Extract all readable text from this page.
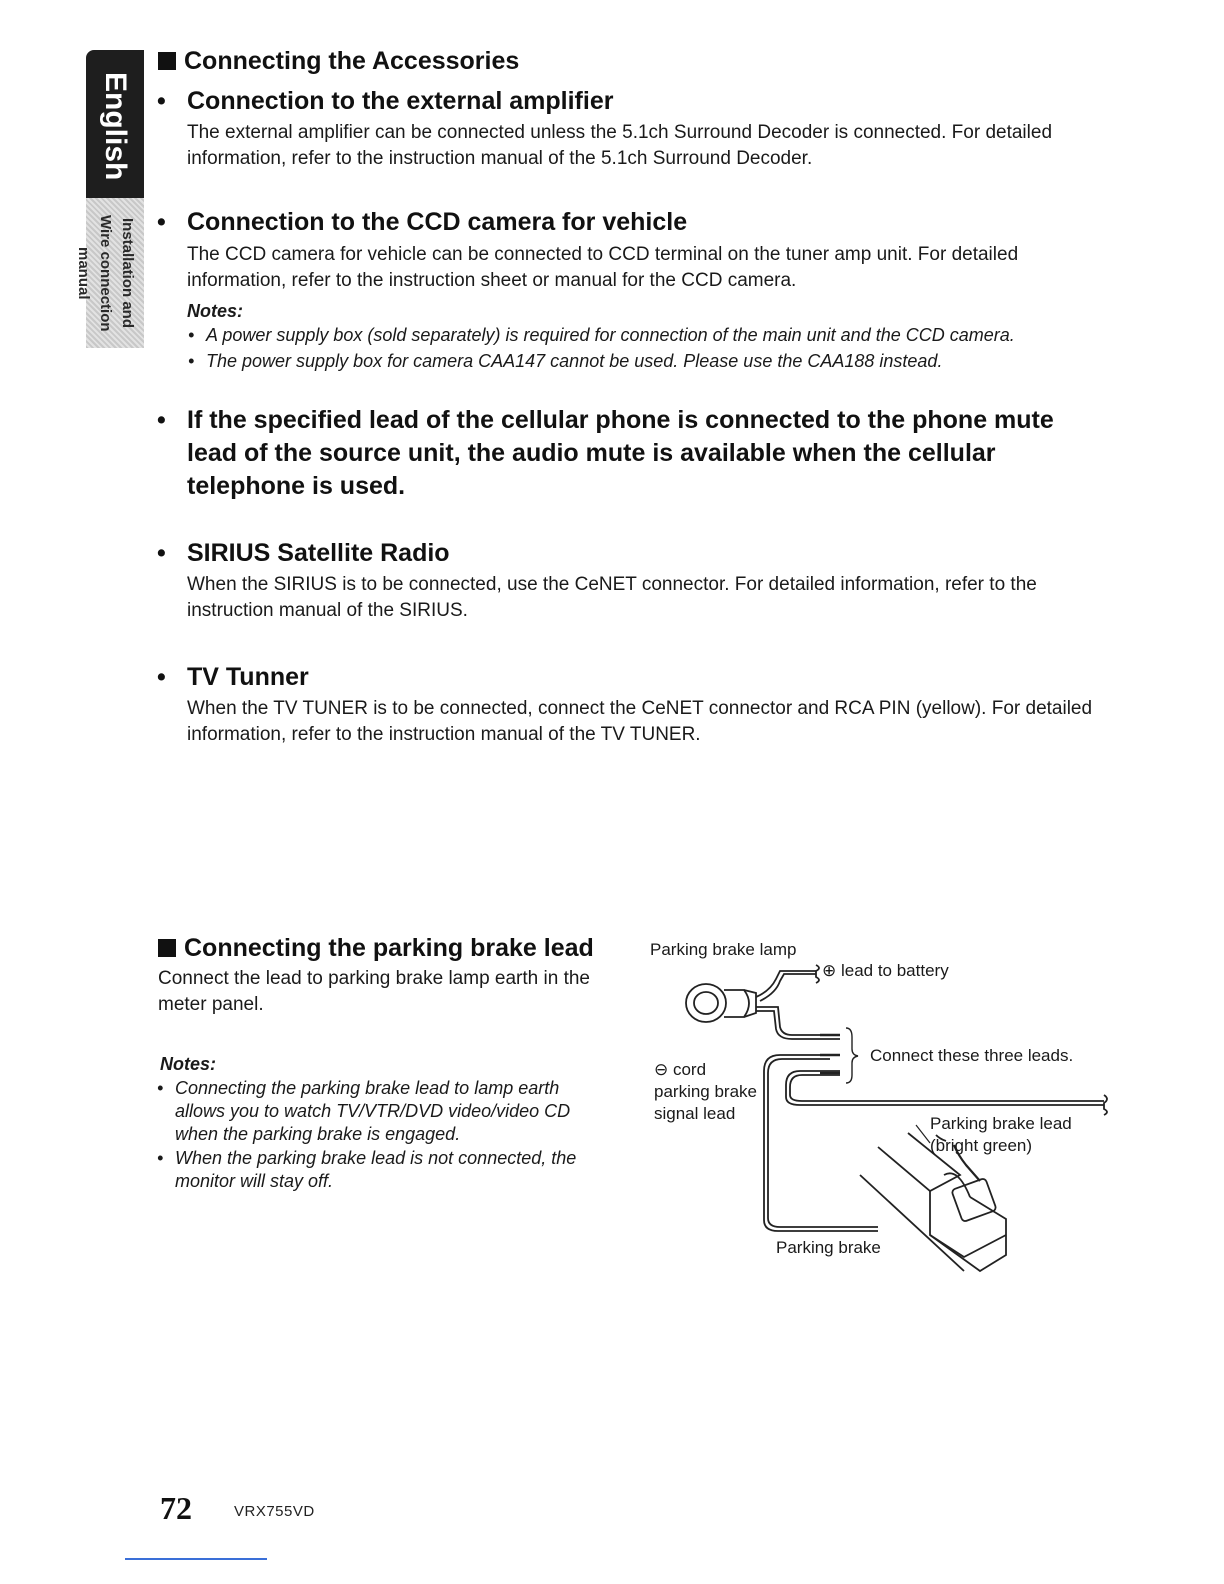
English
Installation and Wire connection manual
Connecting the Accessories
• Connection to the external amplifier

The external amplifier can be connected unless the 5.1ch Surround Decoder is connected. For detailed information, refer to the instruction manual of the 5.1ch Surround Decoder.

• Connection to the CCD camera for vehicle

The CCD camera for vehicle can be connected to CCD terminal on the tuner amp unit. For detailed information, refer to the instruction sheet or manual for the CCD camera.

Notes:

• A power supply box (sold separately) is required for connection of the main unit and the CCD camera.

• The power supply box for camera CAA147 cannot be used. Please use the CAA188 instead.

• If the specified lead of the cellular phone is connected to the phone mute lead of the source unit, the audio mute is available when the cellular telephone is used.
• SIRIUS Satellite Radio

When the SIRIUS is to be connected, use the CeNET connector. For detailed information, refer to the instruction manual of the SIRIUS.

• TV Tunner

When the TV TUNER is to be connected, connect the CeNET connector and RCA PIN (yellow). For detailed information, refer to the instruction manual of the TV TUNER.

Connecting the parking brake lead

Connect the lead to parking brake lamp earth in the meter panel.

Notes:

• Connecting the parking brake lead to lamp earth allows you to watch TV/VTR/DVD video/video CD when the parking brake is engaged.

• When the parking brake lead is not connected, the monitor will stay off.

Parking brake lamp
⊕ lead to battery
Connect these three leads.
⊖ cord
parking brake signal lead
Parking brake lead (bright green)
Parking brake
72	VRX755VD
